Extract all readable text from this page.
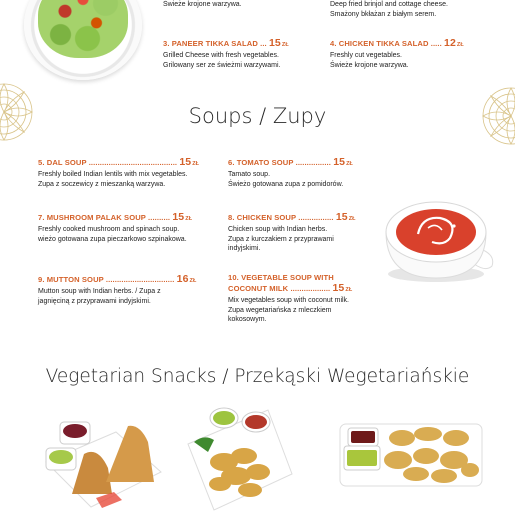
Świeże krojone warzywa.	Deep fried brinjol and cottage cheese.
Smażony bkłażan z białym serem.
3. PANEER TIKKA SALAD ... 15ZŁ
Grilled Cheese with fresh vegetables.
Grilowany ser ze świeżmi warzywami.
4. CHICKEN TIKKA SALAD ..... 12ZŁ
Freshly cut vegetables.
Świeże krojone warzywa.
Soups / Zupy
5. DAL SOUP ........................................ 15ZŁ
Freshly boiled Indian lentils with mix vegetables.
Zupa z soczewicy z mieszanką warzywa.
6. TOMATO SOUP ................ 15ZŁ
Tamato soup.
Świeżo gotowana zupa z pomidorów.
7. MUSHROOM PALAK SOUP .......... 15ZŁ
Freshly cooked mushroom and spinach soup.
wieżo gotowana zupa pieczarkowo szpinakowa.
8. CHICKEN SOUP ................ 15ZŁ
Chicken soup with Indian herbs.
Zupa z kurczakiem z przyprawami
indyjskimi.
9. MUTTON SOUP ............................... 16ZŁ
Mutton soup with Indian herbs. / Zupa z
jagnięciną z przyprawami indyjskimi.
10. VEGETABLE SOUP WITH
COCONUT MILK .................. 15ZŁ
Mix vegetables soup with coconut milk.
Zupa wegetariańska z mleczkiem
kokosowym.
Vegetarian Snacks / Przekąski Wegetariańskie
